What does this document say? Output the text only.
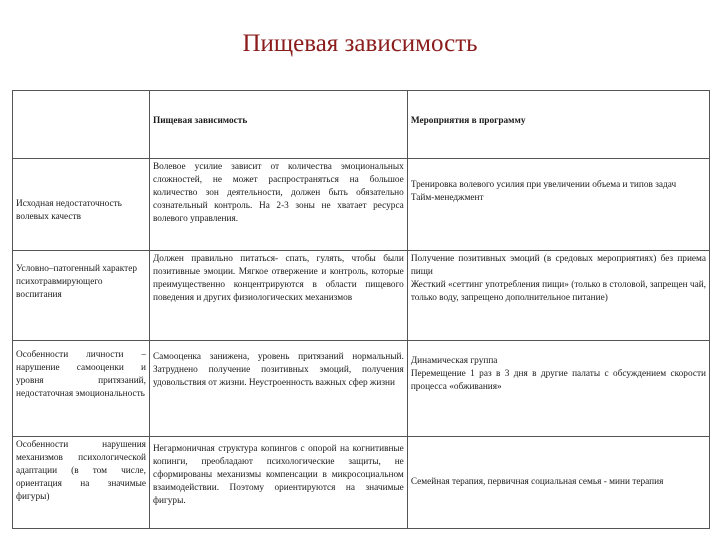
Пищевая зависимость
	Пищевая зависимость	Мероприятия в программу
Исходная недостаточность волевых качеств	Волевое усилие зависит от количества эмоциональных сложностей, не может распространяться на большое количество зон деятельности, должен быть обязательно сознательный контроль. На 2-3 зоны не хватает ресурса волевого управления.	Тренировка волевого усилия при увеличении объема и типов задач
Тайм-менеджмент
Условно–патогенный характер психотравмирующего воспитания	Должен правильно питаться- спать, гулять, чтобы были позитивные эмоции. Мягкое отвержение и контроль, которые преимущественно концентрируются в области пищевого поведения и других физиологических механизмов	Получение позитивных эмоций (в средовых мероприятиях) без приема пищи
Жесткий «сеттинг употребления пищи» (только в столовой, запрещен чай, только воду, запрещено дополнительное питание)
Особенности личности – нарушение самооценки и уровня притязаний, недостаточная эмоциональность	Самооценка занижена, уровень притязаний нормальный. Затруднено получение позитивных эмоций, получения удовольствия от жизни. Неустроенность важных сфер жизни	Динамическая группа
Перемещение 1 раз в 3 дня в другие палаты с обсуждением скорости процесса «обживания»
Особенности нарушения механизмов психологической адаптации (в том числе, ориентация на значимые фигуры)	Негармоничная структура копингов с опорой на когнитивные копинги, преобладают психологические защиты, не сформированы механизмы компенсации в микросоциальном взаимодействии. Поэтому ориентируются на значимые фигуры.	Семейная терапия, первичная социальная семья - мини терапия
